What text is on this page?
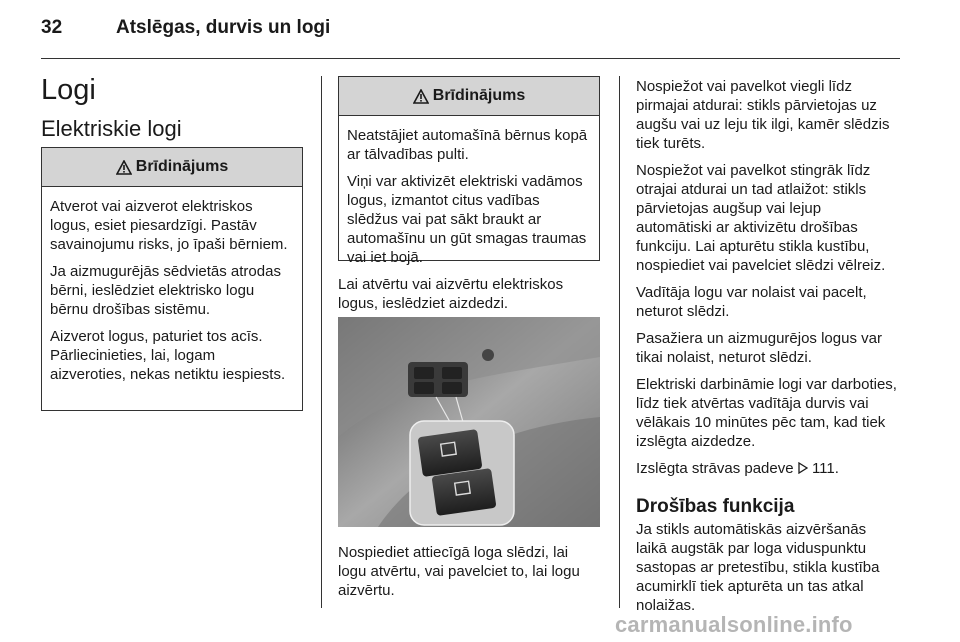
32	Atslēgas, durvis un logi
Logi
Elektriskie logi
Brīdinājums

Atverot vai aizverot elektriskos logus, esiet piesardzīgi. Pastāv savainojumu risks, jo īpaši bērniem.

Ja aizmugurējās sēdvietās atrodas bērni, ieslēdziet elektrisko logu bērnu drošības sistēmu.

Aizverot logus, paturiet tos acīs. Pārliecinieties, lai, logam aizveroties, nekas netiktu iespiests.

Brīdinājums

Neatstājiet automašīnā bērnus kopā ar tālvadības pulti.

Viņi var aktivizēt elektriski vadāmos logus, izmantot citus vadības slēdžus vai pat sākt braukt ar automašīnu un gūt smagas traumas vai iet bojā.

Lai atvērtu vai aizvērtu elektriskos logus, ieslēdziet aizdedzi.

Nospiediet attiecīgā loga slēdzi, lai logu atvērtu, vai pavelciet to, lai logu aizvērtu.

Nospiežot vai pavelkot viegli līdz pirmajai atdurai: stikls pārvietojas uz augšu vai uz leju tik ilgi, kamēr slēdzis tiek turēts.

Nospiežot vai pavelkot stingrāk līdz otrajai atdurai un tad atlaižot: stikls pārvietojas augšup vai lejup automātiski ar aktivizētu drošības funkciju. Lai apturētu stikla kustību, nospiediet vai pavelciet slēdzi vēlreiz.

Vadītāja logu var nolaist vai pacelt, neturot slēdzi.

Pasažiera un aizmugurējos logus var tikai nolaist, neturot slēdzi.

Elektriski darbināmie logi var darboties, līdz tiek atvērtas vadītāja durvis vai vēlākais 10 minūtes pēc tam, kad tiek izslēgta aizdedze.

Izslēgta strāvas padeve 111.

Drošības funkcija

Ja stikls automātiskās aizvēršanās laikā augstāk par loga viduspunktu sastopas ar pretestību, stikla kustība acumirklī tiek apturēta un tas atkal nolaižas.

carmanualsonline.info
